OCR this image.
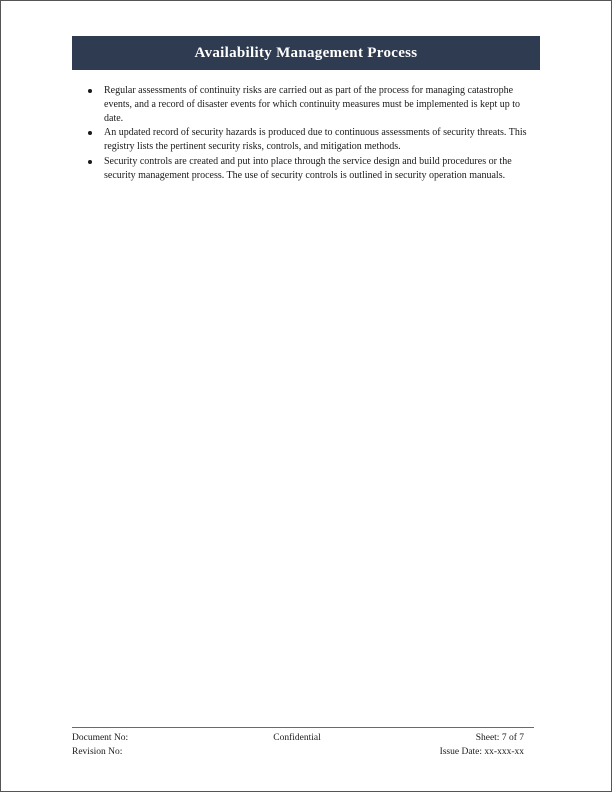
Availability Management Process
Regular assessments of continuity risks are carried out as part of the process for managing catastrophe events, and a record of disaster events for which continuity measures must be implemented is kept up to date.
An updated record of security hazards is produced due to continuous assessments of security threats. This registry lists the pertinent security risks, controls, and mitigation methods.
Security controls are created and put into place through the service design and build procedures or the security management process. The use of security controls is outlined in security operation manuals.
Document No:	Confidential	Sheet: 7 of 7
Revision No:	Issue Date: xx-xxx-xx
